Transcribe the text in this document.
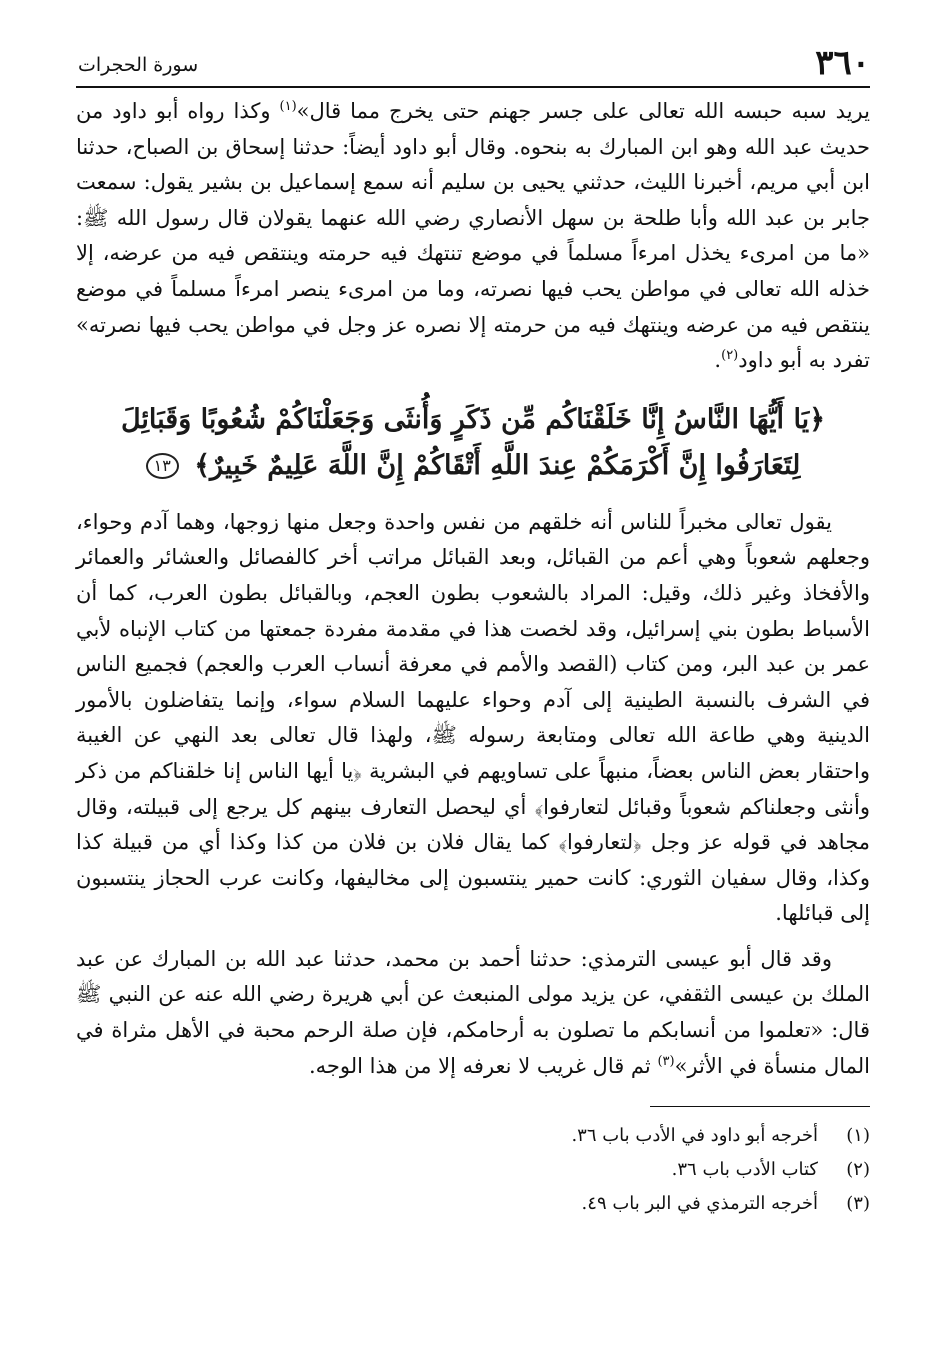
٣٦٠
سورة الحجرات

يريد سبه حبسه الله تعالى على جسر جهنم حتى يخرج مما قال»$^{(١)}$ وكذا رواه أبو داود من حديث عبد الله وهو ابن المبارك به بنحوه. وقال أبو داود أيضاً: حدثنا إسحاق بن الصباح، حدثنا ابن أبي مريم، أخبرنا الليث، حدثني يحيى بن سليم أنه سمع إسماعيل بن بشير يقول: سمعت جابر بن عبد الله وأبا طلحة بن سهل الأنصاري رضي الله عنهما يقولان قال رسول الله ﷺ: «ما من امرىء يخذل امرءاً مسلماً في موضع تنتهك فيه حرمته وينتقص فيه من عرضه، إلا خذله الله تعالى في مواطن يحب فيها نصرته، وما من امرىء ينصر امرءاً مسلماً في موضع ينتقص فيه من عرضه وينتهك فيه من حرمته إلا نصره عز وجل في مواطن يحب فيها نصرته» تفرد به أبو داود$^{(٢)}$.

﴿يَا أَيُّهَا النَّاسُ إِنَّا خَلَقْنَاكُم مِّن ذَكَرٍ وَأُنثَى وَجَعَلْنَاكُمْ شُعُوبًا وَقَبَائِلَ لِتَعَارَفُوا إِنَّ أَكْرَمَكُمْ عِندَ اللَّهِ أَتْقَاكُمْ إِنَّ اللَّهَ عَلِيمٌ خَبِيرٌ﴾ ١٣

يقول تعالى مخبراً للناس أنه خلقهم من نفس واحدة وجعل منها زوجها، وهما آدم وحواء، وجعلهم شعوباً وهي أعم من القبائل، وبعد القبائل مراتب أخر كالفصائل والعشائر والعمائر والأفخاذ وغير ذلك، وقيل: المراد بالشعوب بطون العجم، وبالقبائل بطون العرب، كما أن الأسباط بطون بني إسرائيل، وقد لخصت هذا في مقدمة مفردة جمعتها من كتاب الإنباه لأبي عمر بن عبد البر، ومن كتاب (القصد والأمم في معرفة أنساب العرب والعجم) فجميع الناس في الشرف بالنسبة الطينية إلى آدم وحواء عليهما السلام سواء، وإنما يتفاضلون بالأمور الدينية وهي طاعة الله تعالى ومتابعة رسوله ﷺ، ولهذا قال تعالى بعد النهي عن الغيبة واحتقار بعض الناس بعضاً، منبهاً على تساويهم في البشرية ﴿يا أيها الناس إنا خلقناكم من ذكر وأنثى وجعلناكم شعوباً وقبائل لتعارفوا﴾ أي ليحصل التعارف بينهم كل يرجع إلى قبيلته، وقال مجاهد في قوله عز وجل ﴿لتعارفوا﴾ كما يقال فلان بن فلان من كذا وكذا أي من قبيلة كذا وكذا، وقال سفيان الثوري: كانت حمير ينتسبون إلى مخاليفها، وكانت عرب الحجاز ينتسبون إلى قبائلها.

وقد قال أبو عيسى الترمذي: حدثنا أحمد بن محمد، حدثنا عبد الله بن المبارك عن عبد الملك بن عيسى الثقفي، عن يزيد مولى المنبعث عن أبي هريرة رضي الله عنه عن النبي ﷺ قال: «تعلموا من أنسابكم ما تصلون به أرحامكم، فإن صلة الرحم محبة في الأهل مثراة في المال منسأة في الأثر»$^{(٣)}$ ثم قال غريب لا نعرفه إلا من هذا الوجه.

(١)
أخرجه أبو داود في الأدب باب ٣٦.
(٢)
كتاب الأدب باب ٣٦.
(٣)
أخرجه الترمذي في البر باب ٤٩.
